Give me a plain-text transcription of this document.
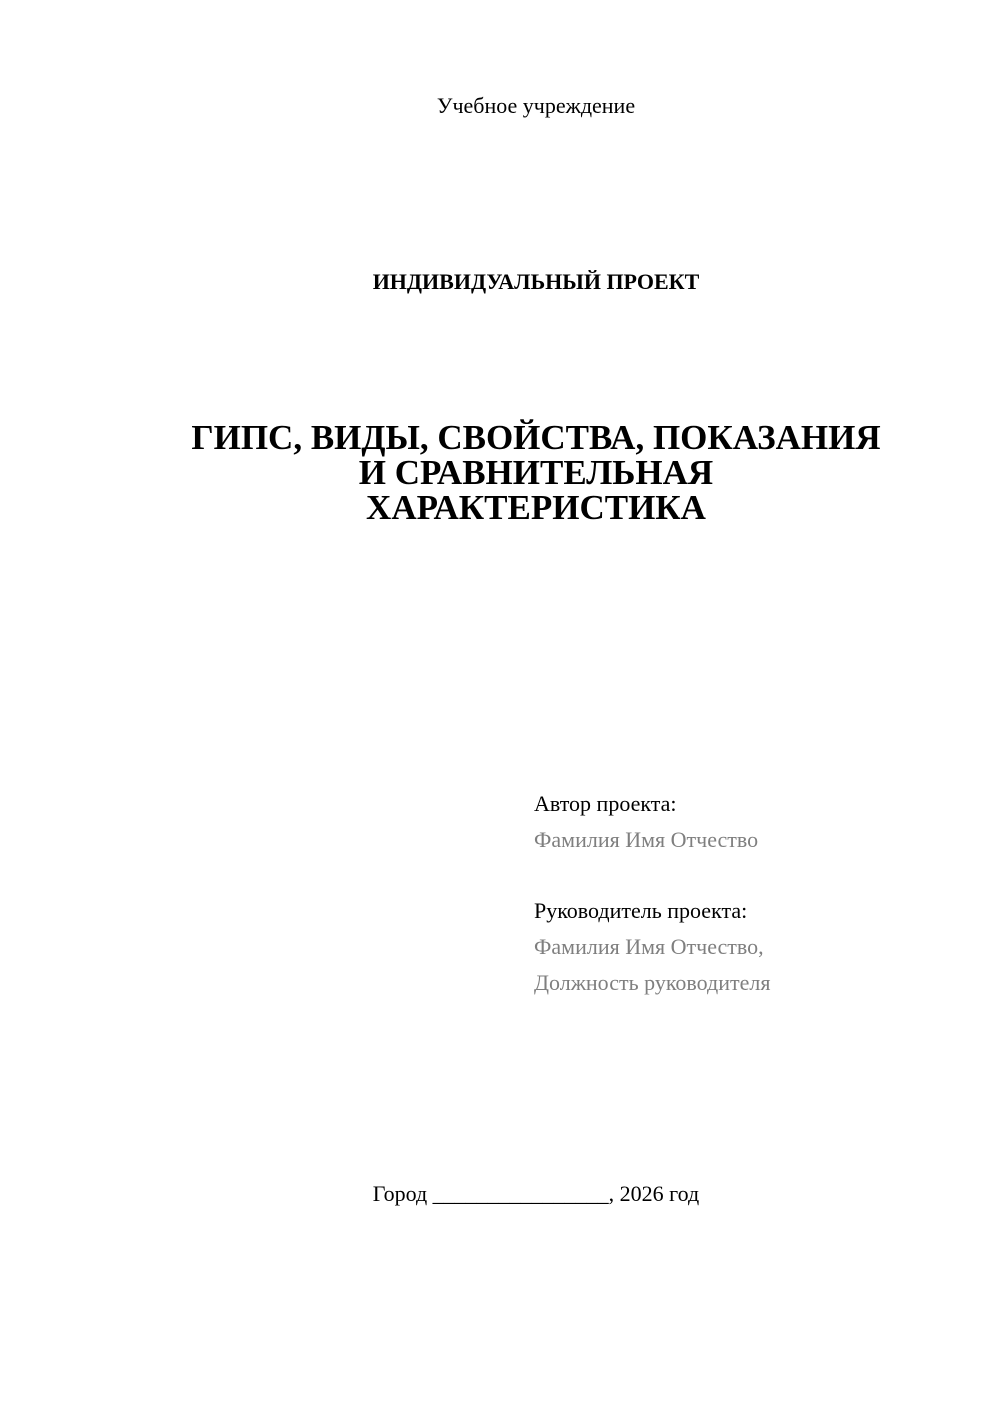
Учебное учреждение
ИНДИВИДУАЛЬНЫЙ ПРОЕКТ
ГИПС, ВИДЫ, СВОЙСТВА, ПОКАЗАНИЯ
И СРАВНИТЕЛЬНАЯ
ХАРАКТЕРИСТИКА
Автор проекта:
Фамилия Имя Отчество
Руководитель проекта:
Фамилия Имя Отчество,
Должность руководителя
Город ________________, 2026 год
